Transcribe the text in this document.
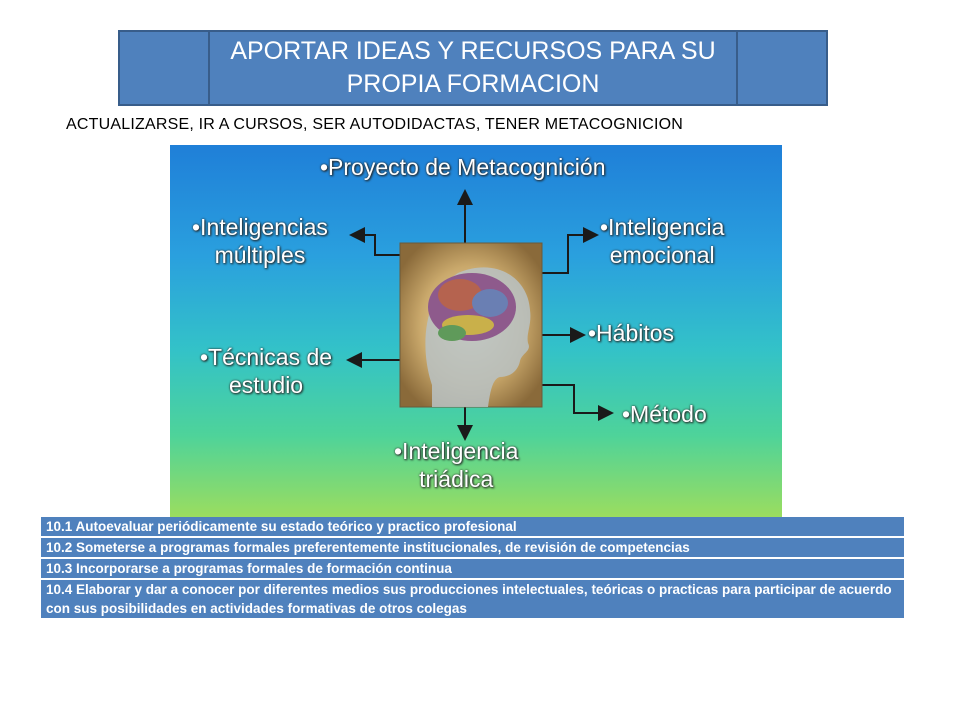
APORTAR IDEAS Y RECURSOS PARA SU PROPIA FORMACION
ACTUALIZARSE, IR A CURSOS, SER AUTODIDACTAS, TENER METACOGNICION
•Proyecto de Metacognición
•Inteligencias
múltiples
•Inteligencia
emocional
•Hábitos
•Técnicas de
estudio
•Método
•Inteligencia
triádica
10.1 Autoevaluar periódicamente su estado teórico y practico profesional
10.2 Someterse a programas formales preferentemente institucionales, de revisión de competencias
10.3 Incorporarse a programas formales de formación continua
10.4 Elaborar y dar a conocer por diferentes medios sus producciones intelectuales, teóricas o practicas para participar de acuerdo con sus posibilidades en actividades formativas de otros colegas
